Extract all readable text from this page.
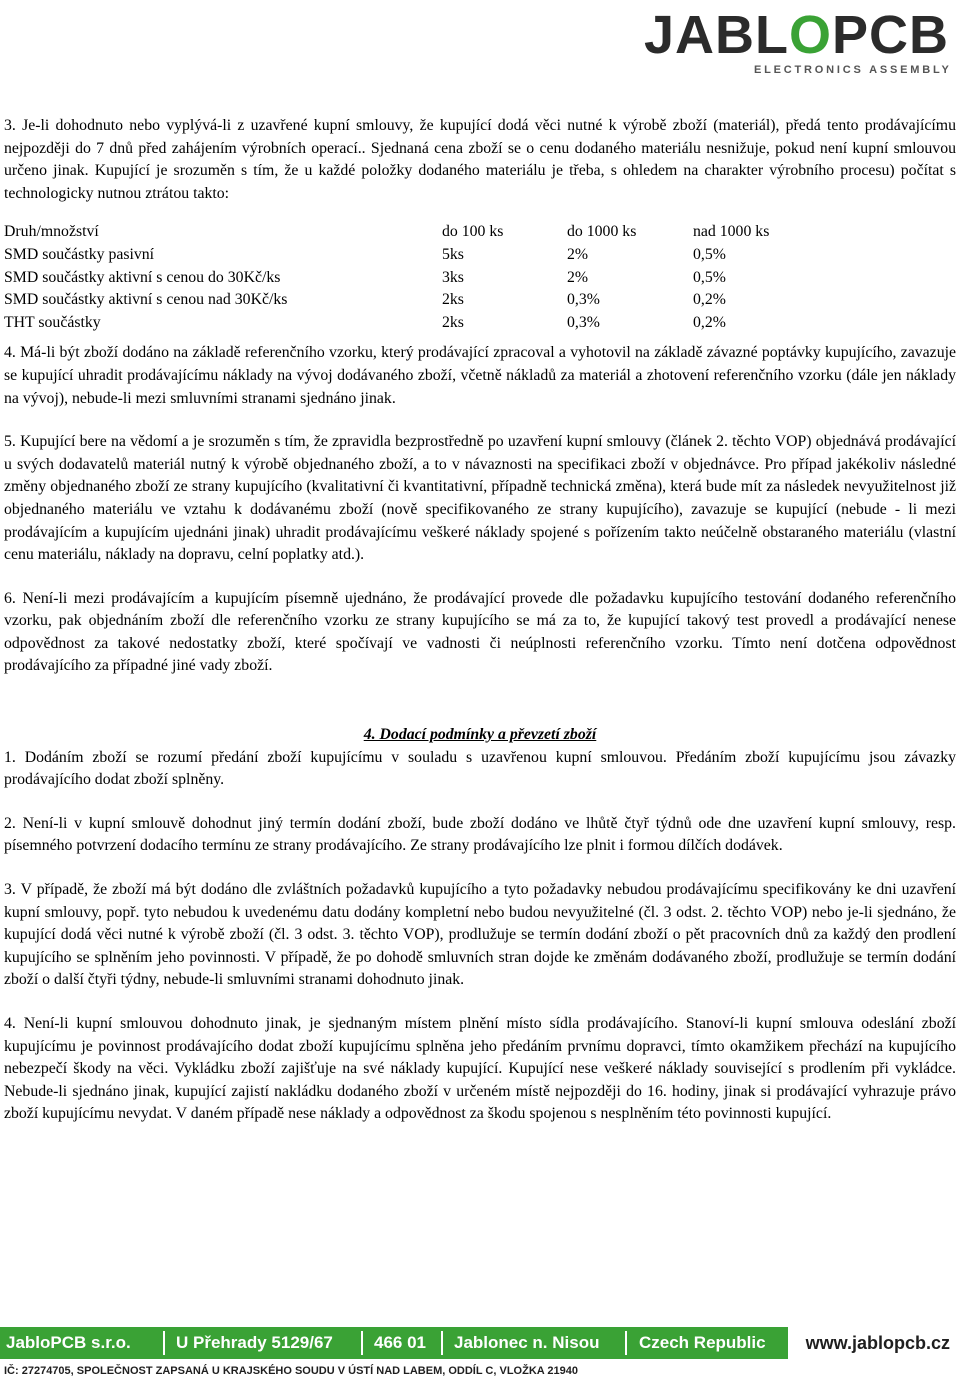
JABLOPCB
ELECTRONICS ASSEMBLY

3. Je-li dohodnuto nebo vyplývá-li z uzavřené kupní smlouvy, že kupující dodá věci nutné k výrobě zboží (materiál), předá tento prodávajícímu nejpozději do 7 dnů před zahájením výrobních operací.. Sjednaná cena zboží se o cenu dodaného materiálu nesnižuje, pokud není kupní smlouvou určeno jinak. Kupující je srozuměn s tím, že u každé položky dodaného materiálu je třeba, s ohledem na charakter výrobního procesu) počítat s technologicky nutnou ztrátou takto:

Druh/množství	do 100 ks	do 1000 ks	nad 1000 ks
SMD součástky pasivní	5ks	2%	0,5%
SMD součástky aktivní s cenou do 30Kč/ks	3ks	2%	0,5%
SMD součástky aktivní s cenou nad 30Kč/ks	2ks	0,3%	0,2%
THT součástky	2ks	0,3%	0,2%

4. Má-li být zboží dodáno na základě referenčního vzorku, který prodávající zpracoval a vyhotovil na základě závazné poptávky kupujícího, zavazuje se kupující uhradit prodávajícímu náklady na vývoj dodávaného zboží, včetně nákladů za materiál a zhotovení referenčního vzorku (dále jen náklady na vývoj), nebude-li mezi smluvními stranami sjednáno jinak.

5. Kupující bere na vědomí a je srozuměn s tím, že zpravidla bezprostředně po uzavření kupní smlouvy (článek 2. těchto VOP) objednává prodávající u svých dodavatelů materiál nutný k výrobě objednaného zboží, a to v návaznosti na specifikaci zboží v objednávce. Pro případ jakékoliv následné změny objednaného zboží ze strany kupujícího (kvalitativní či kvantitativní, případně technická změna), která bude mít za následek nevyužitelnost již objednaného materiálu ve vztahu k dodávanému zboží (nově specifikovaného ze strany kupujícího), zavazuje se kupující (nebude - li mezi prodávajícím a kupujícím ujednáni jinak) uhradit prodávajícímu veškeré náklady spojené s pořízením takto neúčelně obstaraného materiálu (vlastní cenu materiálu, náklady na dopravu, celní poplatky atd.).

6. Není-li mezi prodávajícím a kupujícím písemně ujednáno, že prodávající provede dle požadavku kupujícího testování dodaného referenčního vzorku, pak objednáním zboží dle referenčního vzorku ze strany kupujícího se má za to, že kupující takový test provedl a prodávající nenese odpovědnost za takové nedostatky zboží, které spočívají ve vadnosti či neúplnosti referenčního vzorku. Tímto není dotčena odpovědnost prodávajícího za případné jiné vady zboží.

4. Dodací podmínky a převzetí zboží

1. Dodáním zboží se rozumí předání zboží kupujícímu v souladu s uzavřenou kupní smlouvou. Předáním zboží kupujícímu jsou závazky prodávajícího dodat zboží splněny.

2. Není-li v kupní smlouvě dohodnut jiný termín dodání zboží, bude zboží dodáno ve lhůtě čtyř týdnů ode dne uzavření kupní smlouvy, resp. písemného potvrzení dodacího termínu ze strany prodávajícího. Ze strany prodávajícího lze plnit i formou dílčích dodávek.

3. V případě, že zboží má být dodáno dle zvláštních požadavků kupujícího a tyto požadavky nebudou prodávajícímu specifikovány ke dni uzavření kupní smlouvy, popř. tyto nebudou k uvedenému datu dodány kompletní nebo budou nevyužitelné (čl. 3 odst. 2. těchto VOP) nebo je-li sjednáno, že kupující dodá věci nutné k výrobě zboží (čl. 3 odst. 3. těchto VOP), prodlužuje se termín dodání zboží o pět pracovních dnů za každý den prodlení kupujícího se splněním jeho povinnosti. V případě, že po dohodě smluvních stran dojde ke změnám dodávaného zboží, prodlužuje se termín dodání zboží o další čtyři týdny, nebude-li smluvními stranami dohodnuto jinak.

4. Není-li kupní smlouvou dohodnuto jinak, je sjednaným místem plnění místo sídla prodávajícího. Stanoví-li kupní smlouva odeslání zboží kupujícímu je povinnost prodávajícího dodat zboží kupujícímu splněna jeho předáním prvnímu dopravci, tímto okamžikem přechází na kupujícího nebezpečí škody na věci. Vykládku zboží zajišťuje na své náklady kupující. Kupující nese veškeré náklady související s prodlením při vykládce. Nebude-li sjednáno jinak, kupující zajistí nakládku dodaného zboží v určeném místě nejpozději do 16. hodiny, jinak si prodávající vyhrazuje právo zboží kupujícímu nevydat. V daném případě nese náklady a odpovědnost za škodu spojenou s nesplněním této povinnosti kupující.

JabloPCB s.r.o.	U Přehrady 5129/67 466 01 Jablonec n. Nisou Czech Republic www.jablopcb.cz
IČ: 27274705, SPOLEČNOST ZAPSANÁ U KRAJSKÉHO SOUDU V ÚSTÍ NAD LABEM, ODDÍL C, VLOŽKA 21940
